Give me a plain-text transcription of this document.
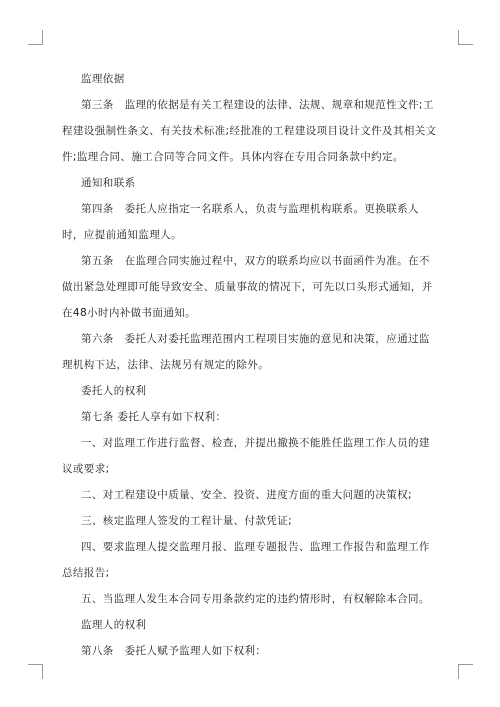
监理依据

第三条　监理的依据是有关工程建设的法律、法规、规章和规范性文件;工程建设强制性条文、有关技术标准;经批准的工程建设项目设计文件及其相关文件;监理合同、施工合同等合同文件。具体内容在专用合同条款中约定。

通知和联系

第四条　委托人应指定一名联系人，负责与监理机构联系。更换联系人时，应提前通知监理人。

第五条　在监理合同实施过程中，双方的联系均应以书面函件为准。在不做出紧急处理即可能导致安全、质量事故的情况下，可先以口头形式通知，并在48小时内补做书面通知。

第六条　委托人对委托监理范围内工程项目实施的意见和决策，应通过监理机构下达，法律、法规另有规定的除外。

委托人的权利

第七条 委托人享有如下权利：

一、对监理工作进行监督、检查，并提出撤换不能胜任监理工作人员的建议或要求;

二、对工程建设中质量、安全、投资、进度方面的重大问题的决策权;

三、核定监理人签发的工程计量、付款凭证;

四、要求监理人提交监理月报、监理专题报告、监理工作报告和监理工作总结报告;

五、当监理人发生本合同专用条款约定的违约情形时，有权解除本合同。

监理人的权利

第八条　委托人赋予监理人如下权利：
